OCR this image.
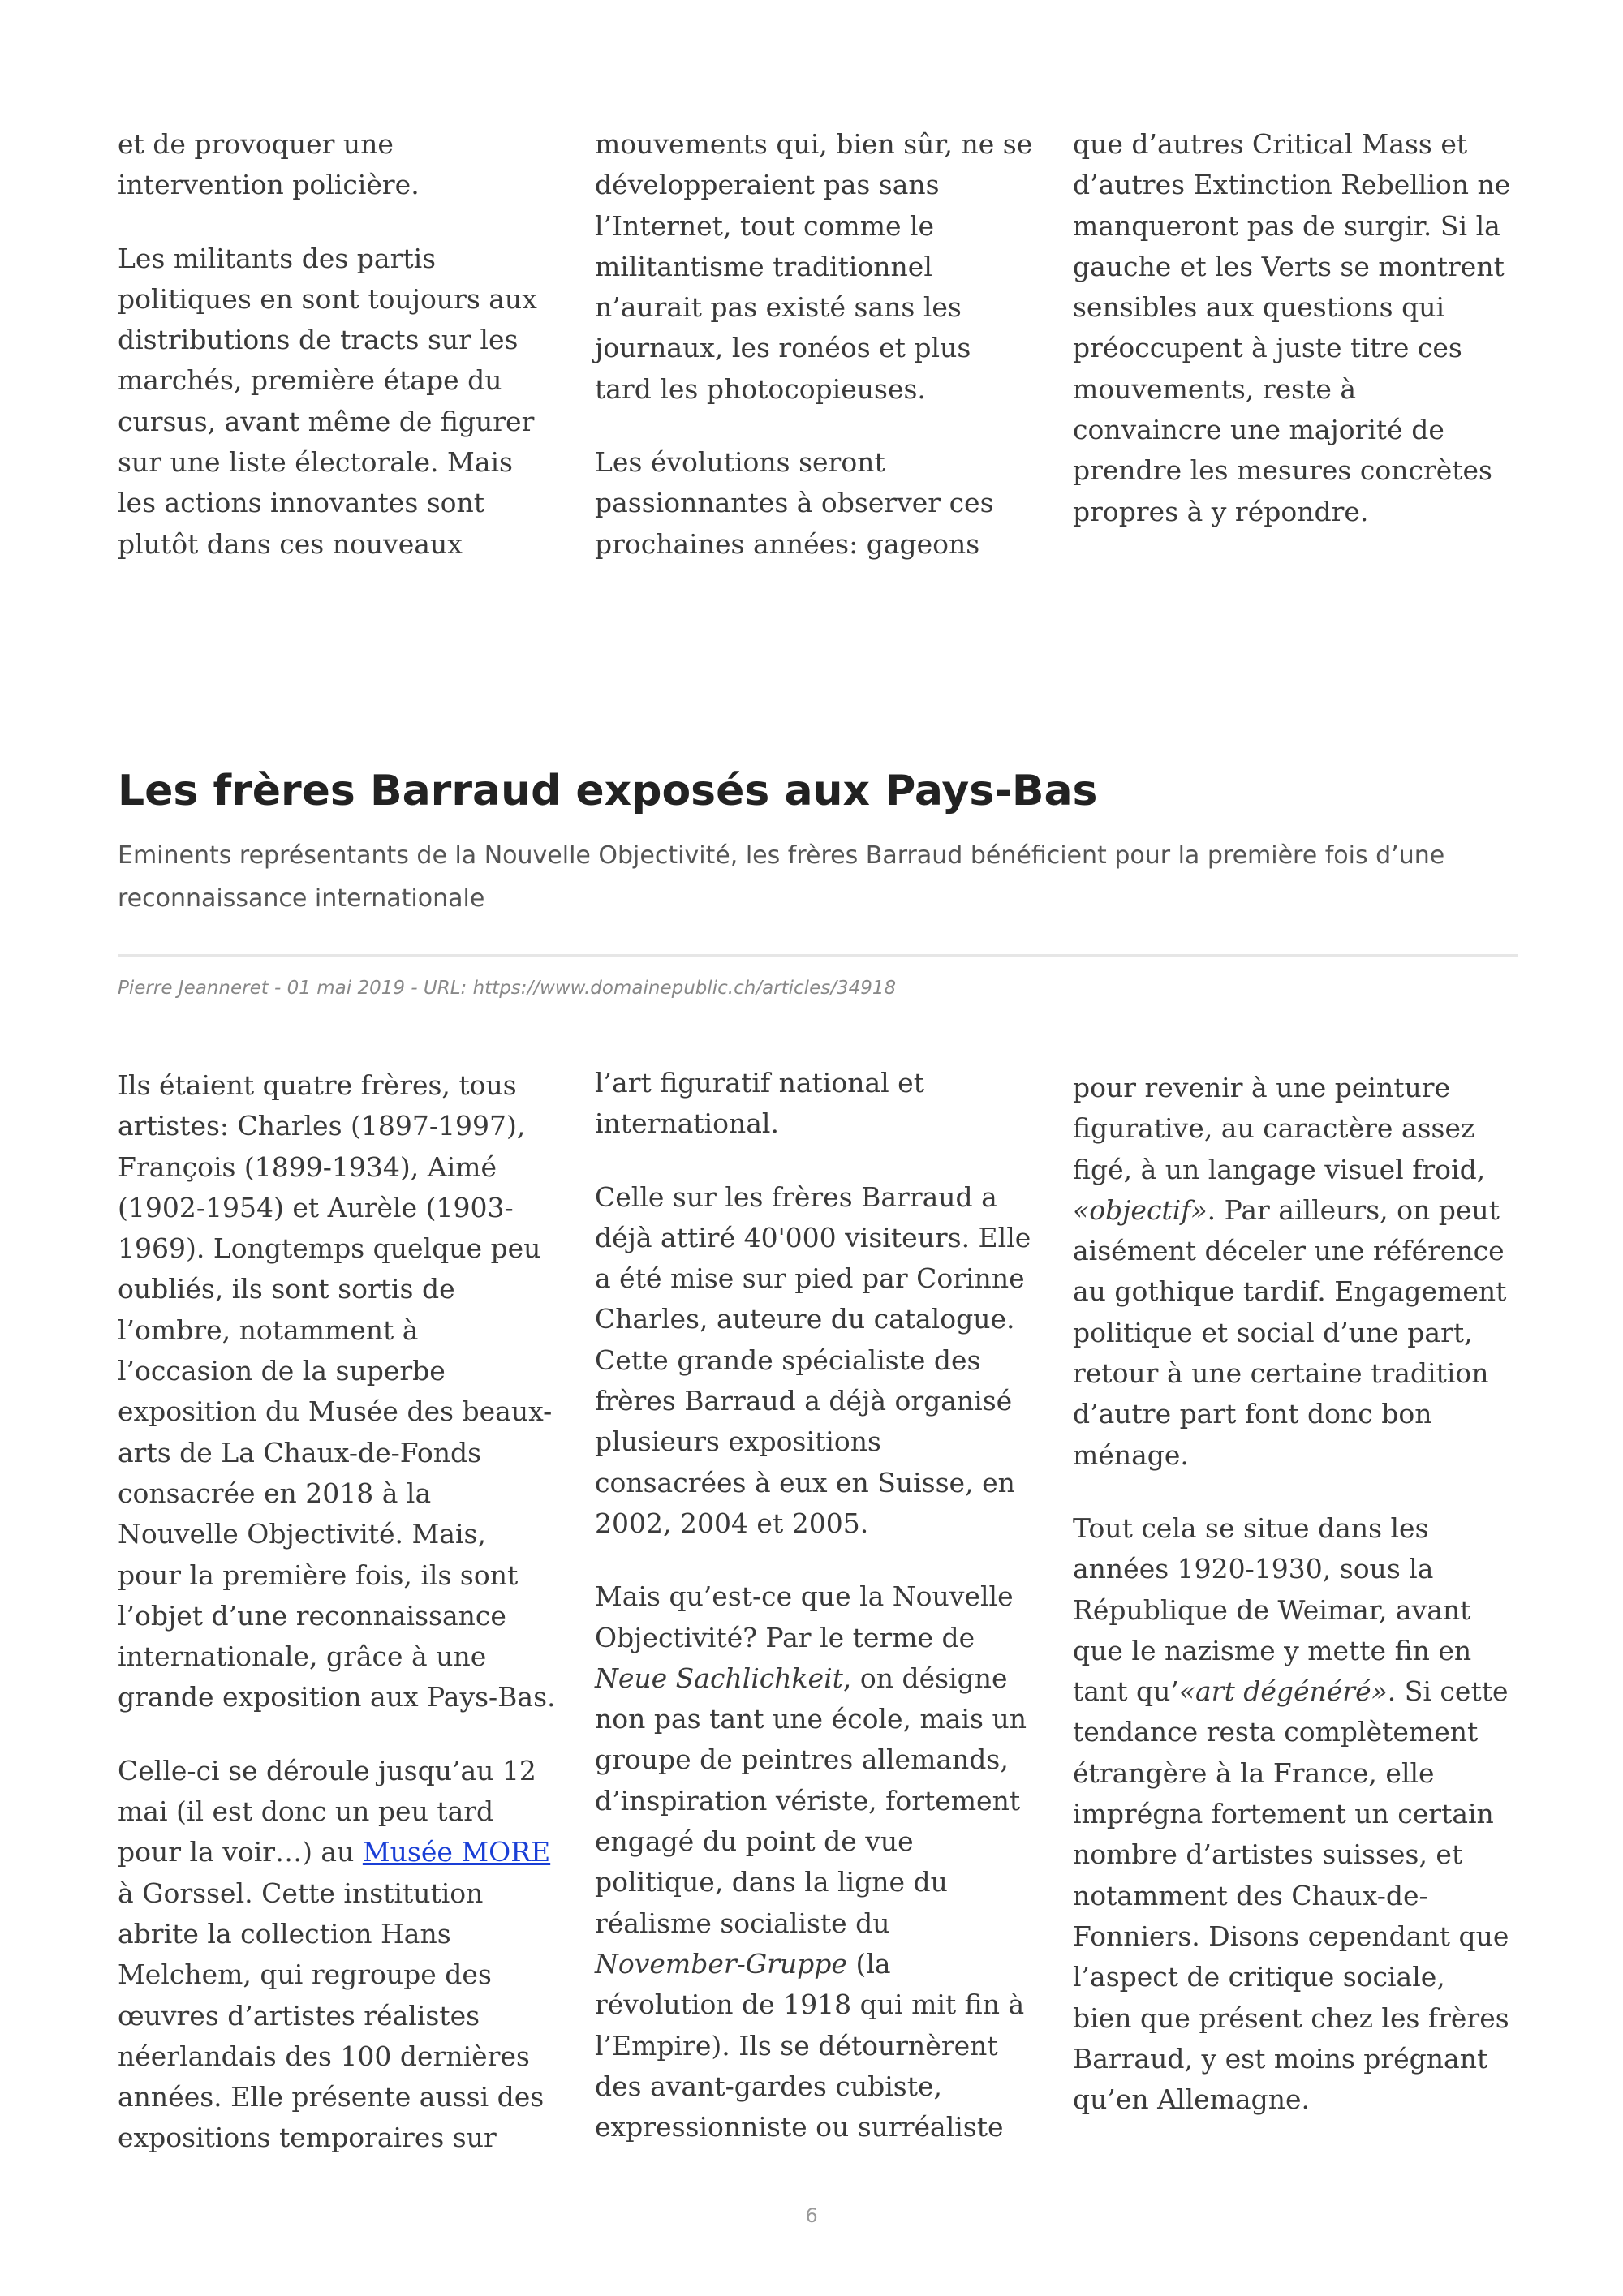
et de provoquer une intervention policière.

Les militants des partis politiques en sont toujours aux distributions de tracts sur les marchés, première étape du cursus, avant même de figurer sur une liste électorale. Mais les actions innovantes sont plutôt dans ces nouveaux

mouvements qui, bien sûr, ne se développeraient pas sans l’Internet, tout comme le militantisme traditionnel n’aurait pas existé sans les journaux, les ronéos et plus tard les photocopieuses.

Les évolutions seront passionnantes à observer ces prochaines années: gageons

que d’autres Critical Mass et d’autres Extinction Rebellion ne manqueront pas de surgir. Si la gauche et les Verts se montrent sensibles aux questions qui préoccupent à juste titre ces mouvements, reste à convaincre une majorité de prendre les mesures concrètes propres à y répondre.

Les frères Barraud exposés aux Pays-Bas

Eminents représentants de la Nouvelle Objectivité, les frères Barraud bénéficient pour la première fois d’une reconnaissance internationale

Pierre Jeanneret - 01 mai 2019 - URL: https://www.domainepublic.ch/articles/34918

Ils étaient quatre frères, tous artistes: Charles (1897-1997), François (1899-1934), Aimé (1902-1954) et Aurèle (1903-1969). Longtemps quelque peu oubliés, ils sont sortis de l’ombre, notamment à l’occasion de la superbe exposition du Musée des beaux-arts de La Chaux-de-Fonds consacrée en 2018 à la Nouvelle Objectivité. Mais, pour la première fois, ils sont l’objet d’une reconnaissance internationale, grâce à une grande exposition aux Pays-Bas.

Celle-ci se déroule jusqu’au 12 mai (il est donc un peu tard pour la voir…) au Musée MORE à Gorssel. Cette institution abrite la collection Hans Melchem, qui regroupe des œuvres d’artistes réalistes néerlandais des 100 dernières années. Elle présente aussi des expositions temporaires sur

l’art figuratif national et international.

Celle sur les frères Barraud a déjà attiré 40'000 visiteurs. Elle a été mise sur pied par Corinne Charles, auteure du catalogue. Cette grande spécialiste des frères Barraud a déjà organisé plusieurs expositions consacrées à eux en Suisse, en 2002, 2004 et 2005.

Mais qu’est-ce que la Nouvelle Objectivité? Par le terme de Neue Sachlichkeit, on désigne non pas tant une école, mais un groupe de peintres allemands, d’inspiration vériste, fortement engagé du point de vue politique, dans la ligne du réalisme socialiste du November-Gruppe (la révolution de 1918 qui mit fin à l’Empire). Ils se détournèrent des avant-gardes cubiste, expressionniste ou surréaliste

pour revenir à une peinture figurative, au caractère assez figé, à un langage visuel froid, «objectif». Par ailleurs, on peut aisément déceler une référence au gothique tardif. Engagement politique et social d’une part, retour à une certaine tradition d’autre part font donc bon ménage.

Tout cela se situe dans les années 1920-1930, sous la République de Weimar, avant que le nazisme y mette fin en tant qu’«art dégénéré». Si cette tendance resta complètement étrangère à la France, elle imprégna fortement un certain nombre d’artistes suisses, et notamment des Chaux-de-Fonniers. Disons cependant que l’aspect de critique sociale, bien que présent chez les frères Barraud, y est moins prégnant qu’en Allemagne.

6
